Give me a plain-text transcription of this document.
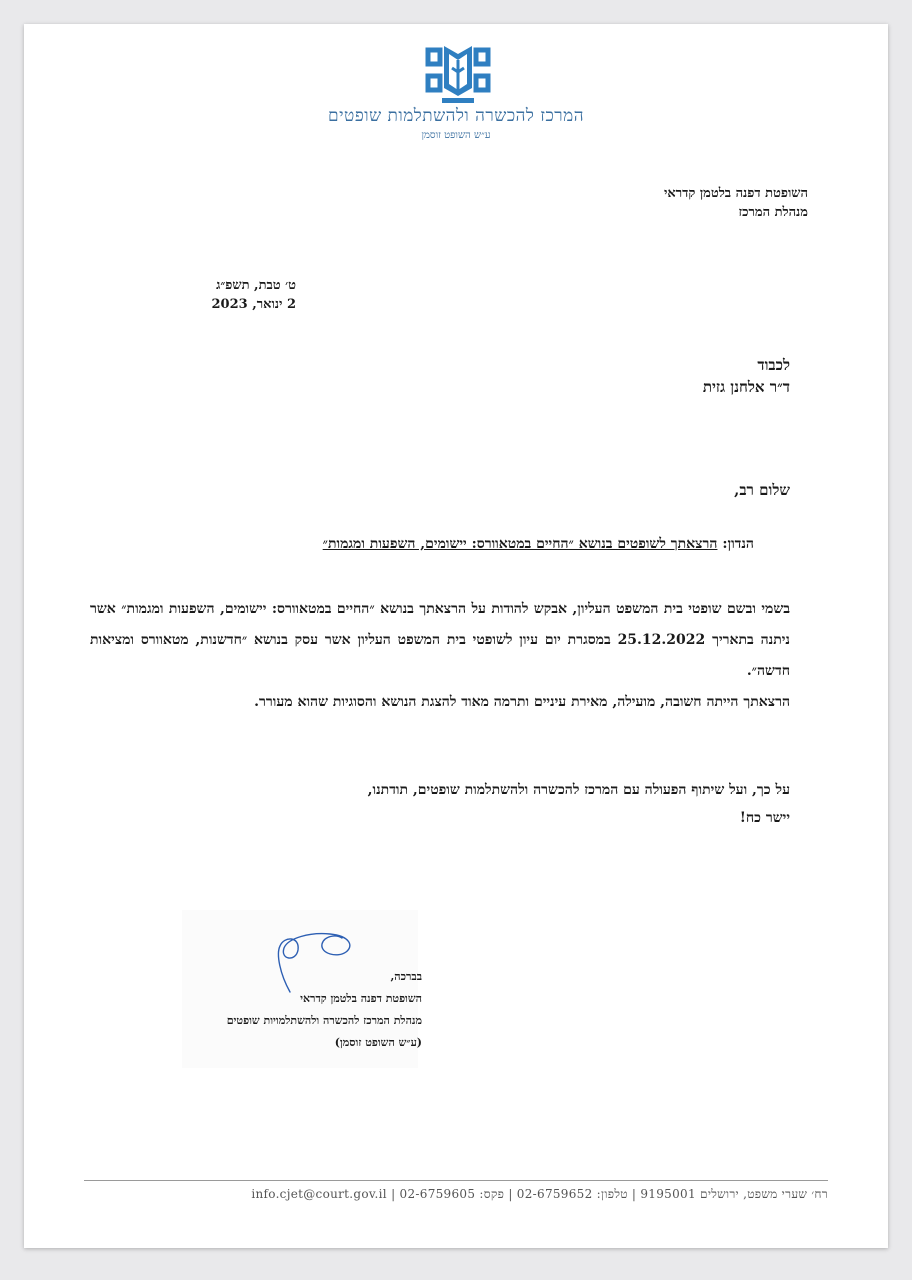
המרכז להכשרה ולהשתלמות שופטים
ע״ש השופט זוסמן
השופטת דפנה בלטמן קדראי
מנהלת המרכז
ט׳ טבת, תשפ״ג
2 ינואר, 2023
לכבוד
ד״ר אלחנן גזית
שלום רב,
הנדון: הרצאתך לשופטים בנושא ״החיים במטאוורס: יישומים, השפעות ומגמות״
בשמי ובשם שופטי בית המשפט העליון, אבקש להודות על הרצאתך בנושא ״החיים במטאוורס: יישומים, השפעות ומגמות״ אשר ניתנה בתאריך 25.12.2022 במסגרת יום עיון לשופטי בית המשפט העליון אשר עסק בנושא ״חדשנות, מטאוורס ומציאות חדשה״.
הרצאתך הייתה חשובה, מועילה, מאירת עיניים ותרמה מאוד להצגת הנושא והסוגיות שהוא מעורר.
על כך, ועל שיתוף הפעולה עם המרכז להכשרה ולהשתלמות שופטים, תודתנו,
יישר כח!
בברכה,
השופטת דפנה בלטמן קדראי
מנהלת המרכז להכשרה ולהשתלמויות שופטים
(ע״ש השופט זוסמן)
רח׳ שערי משפט, ירושלים 9195001 | טלפון: 02-6759652 | פקס: 02-6759605 | info.cjet@court.gov.il
